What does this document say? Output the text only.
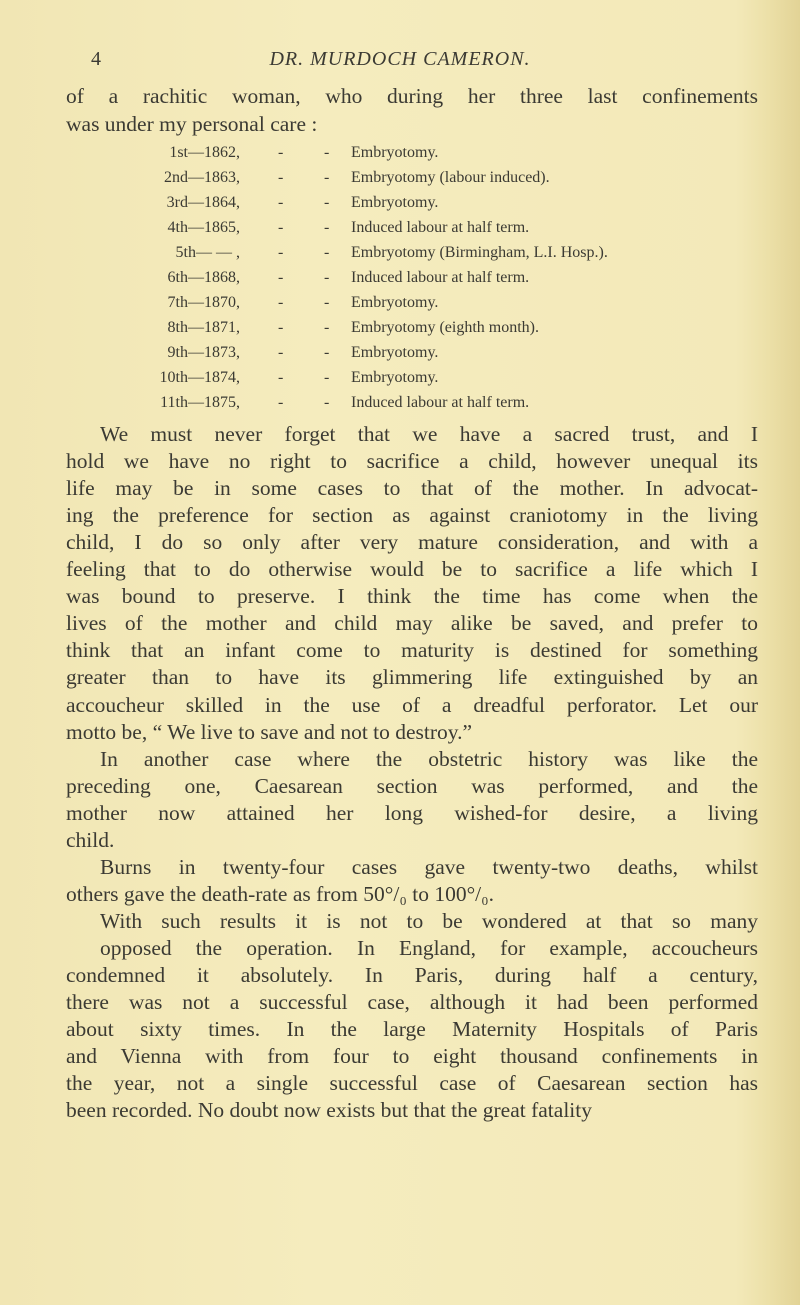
4	DR. MURDOCH CAMERON.
of a rachitic woman, who during her three last confinements
was under my personal care :
1st—1862, -	- Embryotomy.
2nd—1863, -	- Embryotomy (labour induced).
3rd—1864, -	- Embryotomy.
4th—1865, -	- Induced labour at half term.
5th— — , -	- Embryotomy (Birmingham, L.I. Hosp.).
6th—1868, -	- Induced labour at half term.
7th—1870, -	- Embryotomy.
8th—1871, -	- Embryotomy (eighth month).
9th—1873, -	- Embryotomy.
10th—1874, -	- Embryotomy.
11th—1875, -	- Induced labour at half term.
We must never forget that we have a sacred trust, and I
hold we have no right to sacrifice a child, however unequal its
life may be in some cases to that of the mother. In advocat-
ing the preference for section as against craniotomy in the living
child, I do so only after very mature consideration, and with a
feeling that to do otherwise would be to sacrifice a life which I
was bound to preserve. I think the time has come when the
lives of the mother and child may alike be saved, and prefer to
think that an infant come to maturity is destined for something
greater than to have its glimmering life extinguished by an
accoucheur skilled in the use of a dreadful perforator. Let our
motto be, “ We live to save and not to destroy.”
In another case where the obstetric history was like the
preceding one, Caesarean section was performed, and the
mother now attained her long wished-for desire, a living
child.
Burns in twenty-four cases gave twenty-two deaths, whilst
others gave the death-rate as from 50°/₀ to 100°/₀.
With such results it is not to be wondered at that so many
opposed the operation. In England, for example, accoucheurs
condemned it absolutely. In Paris, during half a century,
there was not a successful case, although it had been performed
about sixty times. In the large Maternity Hospitals of Paris
and Vienna with from four to eight thousand confinements in
the year, not a single successful case of Caesarean section has
been recorded. No doubt now exists but that the great fatality
